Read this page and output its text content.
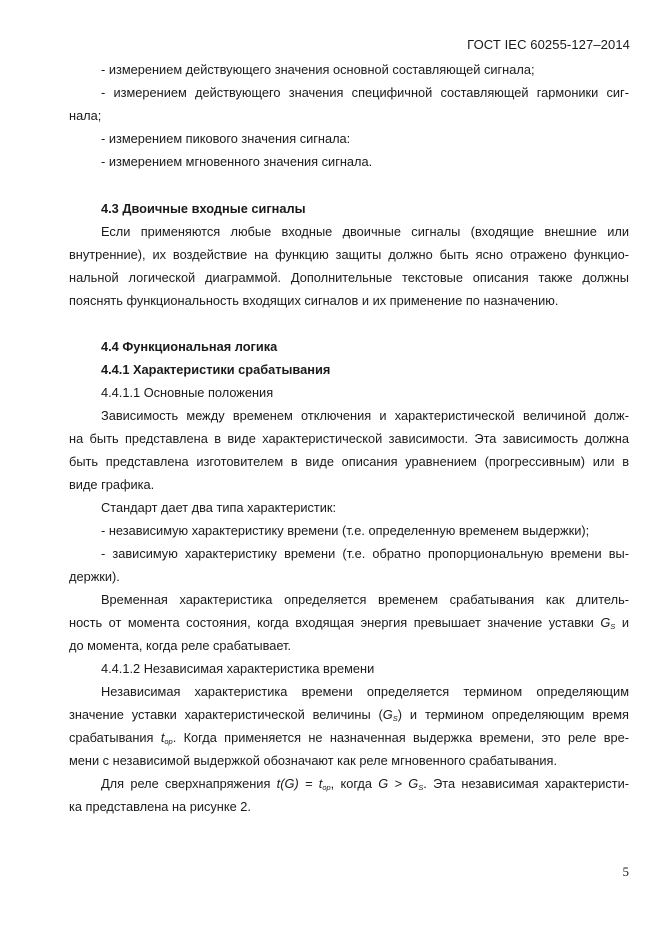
ГОСТ IEC 60255-127–2014
- измерением действующего значения основной составляющей сигнала;
- измерением действующего значения специфичной составляющей гармоники сиг-
нала;
- измерением пикового значения сигнала:
- измерением мгновенного значения сигнала.
4.3 Двоичные входные сигналы
Если применяются любые входные двоичные сигналы (входящие внешние или
внутренние), их воздействие на функцию защиты должно быть ясно отражено функцио-
нальной логической диаграммой. Дополнительные текстовые описания также должны
пояснять функциональность входящих сигналов и их применение по назначению.
4.4 Функциональная логика
4.4.1 Характеристики срабатывания
4.4.1.1 Основные положения
Зависимость между временем отключения и характеристической величиной долж-
на быть представлена в виде характеристической зависимости. Эта зависимость должна
быть представлена изготовителем в виде описания уравнением (прогрессивным) или в
виде графика.
Стандарт дает два типа характеристик:
- независимую характеристику времени (т.е. определенную временем выдержки);
- зависимую характеристику времени (т.е. обратно пропорциональную времени вы-
держки).
Временная характеристика определяется временем срабатывания как длитель-
ность от момента состояния, когда входящая энергия превышает значение уставки $G_S$ и
до момента, когда реле срабатывает.
4.4.1.2 Независимая характеристика времени
Независимая характеристика времени определяется термином определяющим
значение уставки характеристической величины $(G_S)$ и термином определяющим время
срабатывания $t_{op}$. Когда применяется не назначенная выдержка времени, это реле вре-
мени с независимой выдержкой обозначают как реле мгновенного срабатывания.
Для реле сверхнапряжения $t(G) = t_{op}$, когда $G > G_S$. Эта независимая характеристи-
ка представлена на рисунке 2.
5
